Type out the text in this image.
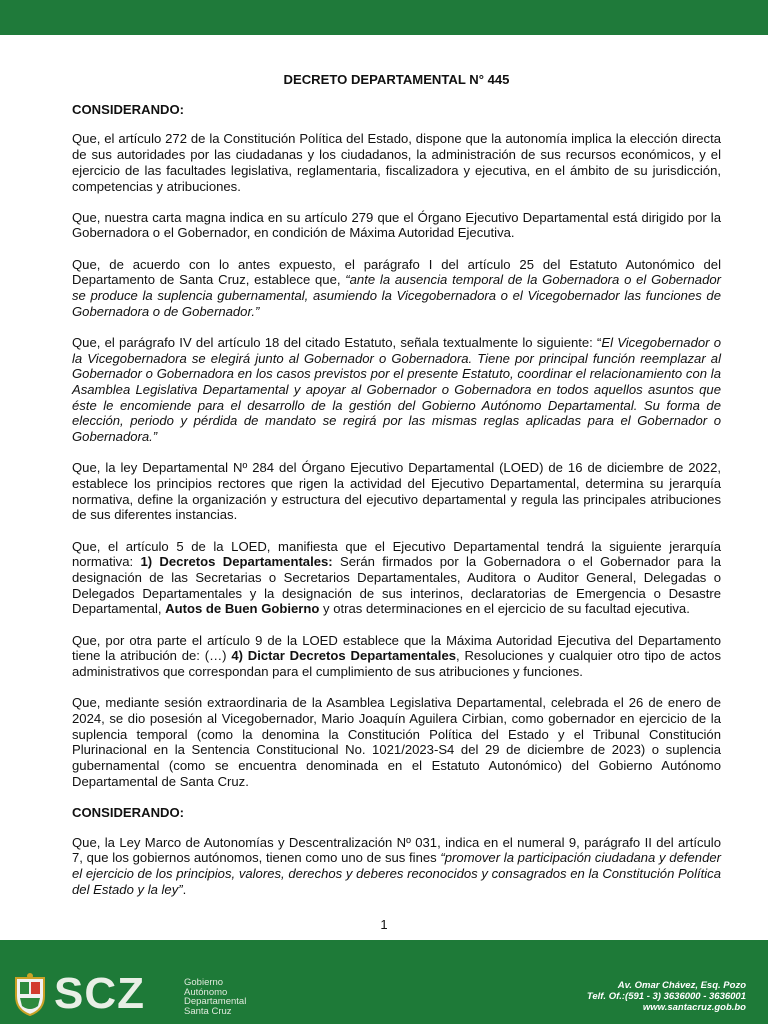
DECRETO DEPARTAMENTAL N° 445
CONSIDERANDO:

Que, el artículo 272 de la Constitución Política del Estado, dispone que la autonomía implica la elección directa de sus autoridades por las ciudadanas y los ciudadanos, la administración de sus recursos económicos, y el ejercicio de las facultades legislativa, reglamentaria, fiscalizadora y ejecutiva, en el ámbito de su jurisdicción, competencias y atribuciones.

Que, nuestra carta magna indica en su artículo 279 que el Órgano Ejecutivo Departamental está dirigido por la Gobernadora o el Gobernador, en condición de Máxima Autoridad Ejecutiva.

Que, de acuerdo con lo antes expuesto, el parágrafo I del artículo 25 del Estatuto Autonómico del Departamento de Santa Cruz, establece que, “ante la ausencia temporal de la Gobernadora o el Gobernador se produce la suplencia gubernamental, asumiendo la Vicegobernadora o el Vicegobernador las funciones de Gobernadora o de Gobernador.”

Que, el parágrafo IV del artículo 18 del citado Estatuto, señala textualmente lo siguiente: “El Vicegobernador o la Vicegobernadora se elegirá junto al Gobernador o Gobernadora. Tiene por principal función reemplazar al Gobernador o Gobernadora en los casos previstos por el presente Estatuto, coordinar el relacionamiento con la Asamblea Legislativa Departamental y apoyar al Gobernador o Gobernadora en todos aquellos asuntos que éste le encomiende para el desarrollo de la gestión del Gobierno Autónomo Departamental. Su forma de elección, periodo y pérdida de mandato se regirá por las mismas reglas aplicadas para el Gobernador o Gobernadora.”

Que, la ley Departamental Nº 284 del Órgano Ejecutivo Departamental (LOED) de 16 de diciembre de 2022, establece los principios rectores que rigen la actividad del Ejecutivo Departamental, determina su jerarquía normativa, define la organización y estructura del ejecutivo departamental y regula las principales atribuciones de sus diferentes instancias.

Que, el artículo 5 de la LOED, manifiesta que el Ejecutivo Departamental tendrá la siguiente jerarquía normativa: 1) Decretos Departamentales: Serán firmados por la Gobernadora o el Gobernador para la designación de las Secretarias o Secretarios Departamentales, Auditora o Auditor General, Delegadas o Delegados Departamentales y la designación de sus interinos, declaratorias de Emergencia o Desastre Departamental, Autos de Buen Gobierno y otras determinaciones en el ejercicio de su facultad ejecutiva.

Que, por otra parte el artículo 9 de la LOED establece que la Máxima Autoridad Ejecutiva del Departamento tiene la atribución de: (…) 4) Dictar Decretos Departamentales, Resoluciones y cualquier otro tipo de actos administrativos que correspondan para el cumplimiento de sus atribuciones y funciones.

Que, mediante sesión extraordinaria de la Asamblea Legislativa Departamental, celebrada el 26 de enero de 2024, se dio posesión al Vicegobernador, Mario Joaquín Aguilera Cirbian, como gobernador en ejercicio de la suplencia temporal (como la denomina la Constitución Política del Estado y el Tribunal Constitución Plurinacional en la Sentencia Constitucional No. 1021/2023-S4 del 29 de diciembre de 2023) o suplencia gubernamental (como se encuentra denominada en el Estatuto Autonómico) del Gobierno Autónomo Departamental de Santa Cruz.

CONSIDERANDO:

Que, la Ley Marco de Autonomías y Descentralización Nº 031, indica en el numeral 9, parágrafo II del artículo 7, que los gobiernos autónomos, tienen como uno de sus fines “promover la participación ciudadana y defender el ejercicio de los principios, valores, derechos y deberes reconocidos y consagrados en la Constitución Política del Estado y la ley”.

1
SCZ	Gobierno
Autónomo
Departamental
Santa Cruz
Av. Omar Chávez, Esq. Pozo
Telf. Of.:(591 - 3) 3636000 - 3636001
www.santacruz.gob.bo
